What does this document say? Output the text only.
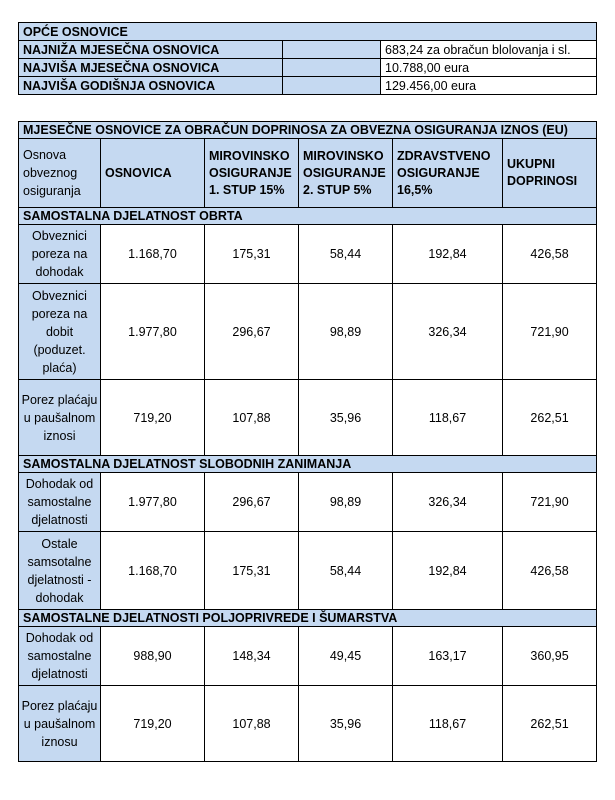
OPĆE OSNOVICE		
NAJNIŽA MJESEČNA OSNOVICA		683,24 za obračun blolovanja i sl.
NAJVIŠA MJESEČNA OSNOVICA		10.788,00 eura
NAJVIŠA GODIŠNJA OSNOVICA		129.456,00 eura
MJESEČNE OSNOVICE ZA OBRAČUN DOPRINOSA ZA OBVEZNA OSIGURANJA IZNOS (EU)					
Osnova obveznog osiguranja	OSNOVICA	MIROVINSKO OSIGURANJE 1. STUP 15%	MIROVINSKO OSIGURANJE 2. STUP 5%	ZDRAVSTVENO OSIGURANJE 16,5%	UKUPNI DOPRINOSI
SAMOSTALNA DJELATNOST OBRTA					
Obveznici poreza na dohodak	1.168,70	175,31	58,44	192,84	426,58
Obveznici poreza na dobit (poduzet. plaća)	1.977,80	296,67	98,89	326,34	721,90
Porez plaćaju u paušalnom iznosi	719,20	107,88	35,96	118,67	262,51
SAMOSTALNA DJELATNOST SLOBODNIH ZANIMANJA					
Dohodak od samostalne djelatnosti	1.977,80	296,67	98,89	326,34	721,90
Ostale samsotalne djelatnosti - dohodak	1.168,70	175,31	58,44	192,84	426,58
SAMOSTALNE DJELATNOSTI POLJOPRIVREDE I ŠUMARSTVA					
Dohodak od samostalne djelatnosti	988,90	148,34	49,45	163,17	360,95
Porez plaćaju u paušalnom iznosu	719,20	107,88	35,96	118,67	262,51
